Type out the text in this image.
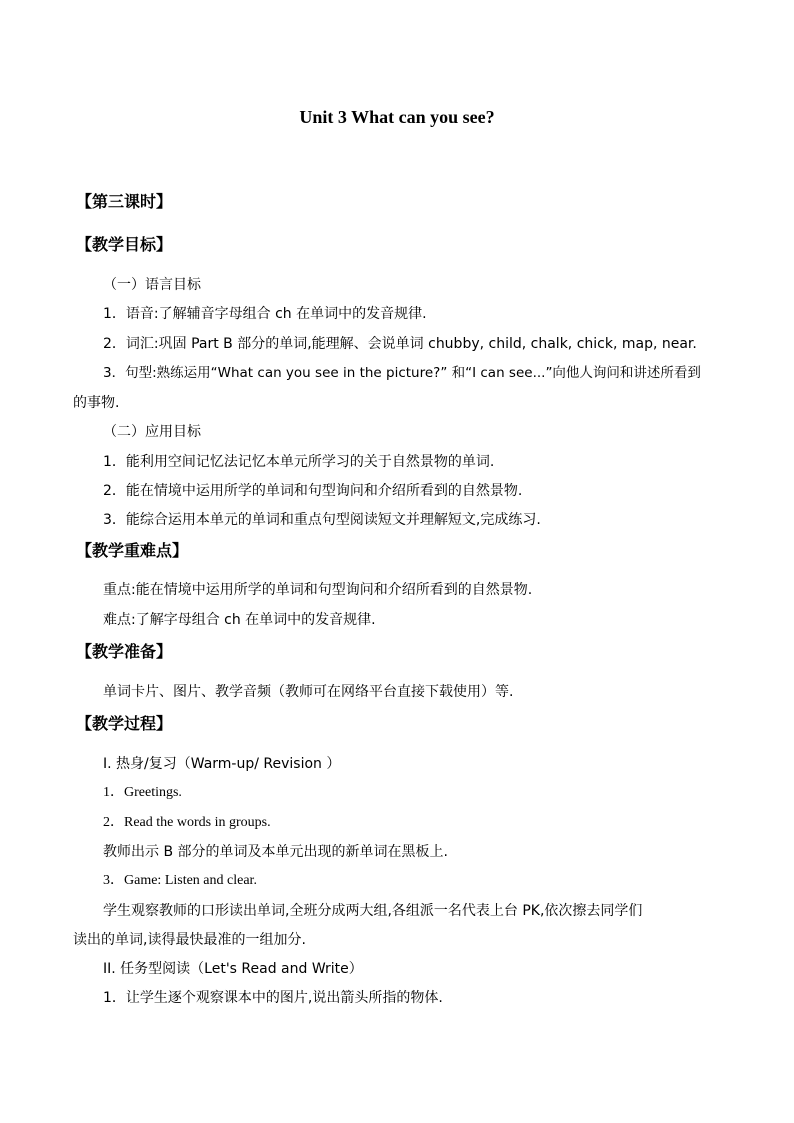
Unit 3 What can you see?
【第三课时】
【教学目标】
（一）语言目标
1．语音:了解辅音字母组合 ch 在单词中的发音规律.
2．词汇:巩固 Part B 部分的单词,能理解、会说单词 chubby, child, chalk, chick, map, near.
3．句型:熟练运用“What can you see in the picture?” 和“I can see...”向他人询问和讲述所看到
的事物.
（二）应用目标
1．能利用空间记忆法记忆本单元所学习的关于自然景物的单词.
2．能在情境中运用所学的单词和句型询问和介绍所看到的自然景物.
3．能综合运用本单元的单词和重点句型阅读短文并理解短文,完成练习.
【教学重难点】
重点:能在情境中运用所学的单词和句型询问和介绍所看到的自然景物.
难点:了解字母组合 ch 在单词中的发音规律.
【教学准备】
单词卡片、图片、教学音频（教师可在网络平台直接下载使用）等.
【教学过程】
I. 热身/复习（Warm-up/ Revision ）
1．Greetings.
2．Read the words in groups.
教师出示 B 部分的单词及本单元出现的新单词在黑板上.
3．Game: Listen and clear.
学生观察教师的口形读出单词,全班分成两大组,各组派一名代表上台 PK,依次擦去同学们
读出的单词,读得最快最准的一组加分.
II. 任务型阅读（Let's Read and Write）
1．让学生逐个观察课本中的图片,说出箭头所指的物体.
